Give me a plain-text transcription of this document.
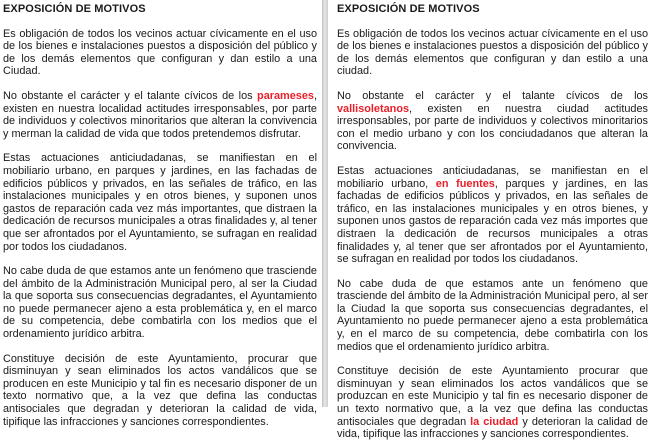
EXPOSICIÓN DE MOTIVOS

Es obligación de todos los vecinos actuar cívicamente en el uso de los bienes e instalaciones puestos a disposición del público y de los demás elementos que configuran y dan estilo a una Ciudad.

No obstante el carácter y el talante cívicos de los parameses, existen en nuestra localidad actitudes irresponsables, por parte de individuos y colectivos minoritarios que alteran la convivencia y merman la calidad de vida que todos pretendemos disfrutar.

Estas actuaciones anticiudadanas, se manifiestan en el mobiliario urbano, en parques y jardines, en las fachadas de edificios públicos y privados, en las señales de tráfico, en las instalaciones municipales y en otros bienes, y suponen unos gastos de reparación cada vez más importantes, que distraen la dedicación de recursos municipales a otras finalidades y, al tener que ser afrontados por el Ayuntamiento, se sufragan en realidad por todos los ciudadanos.

No cabe duda de que estamos ante un fenómeno que trasciende del ámbito de la Administración Municipal pero, al ser la Ciudad la que soporta sus consecuencias degradantes, el Ayuntamiento no puede permanecer ajeno a esta problemática y, en el marco de su competencia, debe combatirla con los medios que el ordenamiento jurídico arbitra.

Constituye decisión de este Ayuntamiento, procurar que disminuyan y sean eliminados los actos vandálicos que se producen en este Municipio y tal fin es necesario disponer de un texto normativo que, a la vez que defina las conductas antisociales que degradan y deterioran la calidad de vida, tipifique las infracciones y sanciones correspondientes.

EXPOSICIÓN DE MOTIVOS

Es obligación de todos los vecinos actuar cívicamente en el uso de los bienes e instalaciones puestos a disposición del público y de los demás elementos que configuran y dan estilo a una ciudad.

No obstante el carácter y el talante cívicos de los vallisoletanos, existen en nuestra ciudad actitudes irresponsables, por parte de individuos y colectivos minoritarios con el medio urbano y con los conciudadanos que alteran la convivencia.

Estas actuaciones anticiudadanas, se manifiestan en el mobiliario urbano, en fuentes, parques y jardines, en las fachadas de edificios públicos y privados, en las señales de tráfico, en las instalaciones municipales y en otros bienes, y suponen unos gastos de reparación cada vez más importes que distraen la dedicación de recursos municipales a otras finalidades y, al tener que ser afrontados por el Ayuntamiento, se sufragan en realidad por todos los ciudadanos.

No cabe duda de que estamos ante un fenómeno que trasciende del ámbito de la Administración Municipal pero, al ser la Ciudad la que soporta sus consecuencias degradantes, el Ayuntamiento no puede permanecer ajeno a esta problemática y, en el marco de su competencia, debe combatirla con los medios que el ordenamiento jurídico arbitra.

Constituye decisión de este Ayuntamiento procurar que disminuyan y sean eliminados los actos vandálicos que se produzcan en este Municipio y tal fin es necesario disponer de un texto normativo que, a la vez que defina las conductas antisociales que degradan la ciudad y deterioran la calidad de vida, tipifique las infracciones y sanciones correspondientes.
